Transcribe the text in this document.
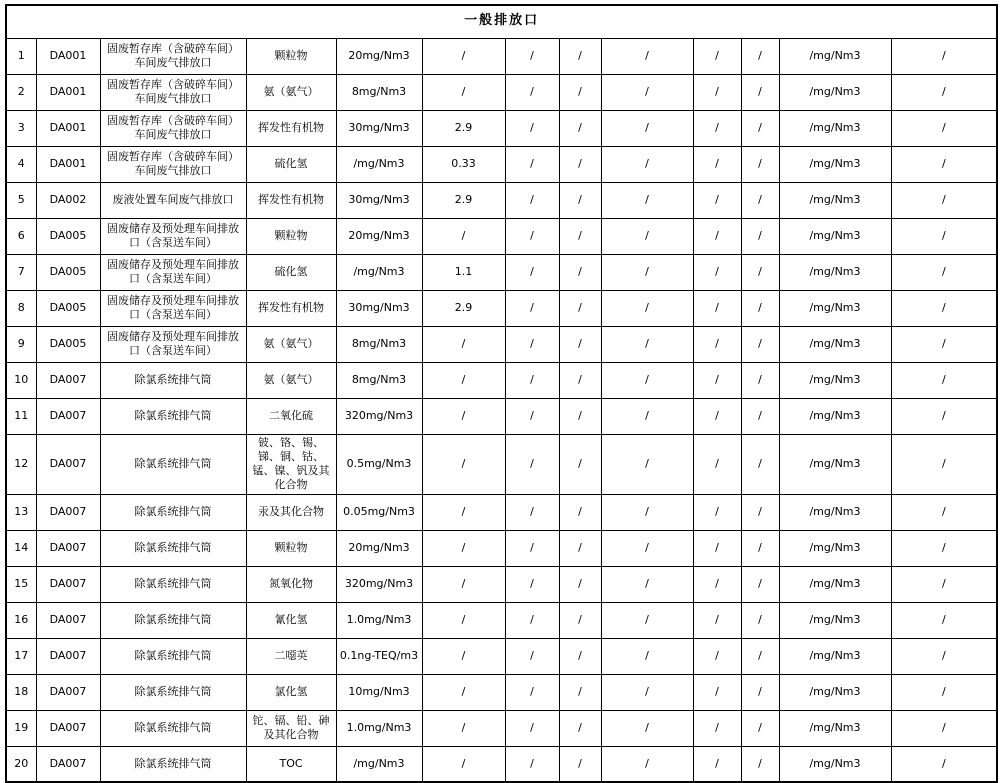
一般排放口												
1	DA001	固废暂存库（含破碎车间）车间废气排放口	颗粒物	20mg/Nm3	/	/	/	/	/	/	/mg/Nm3	/
2	DA001	固废暂存库（含破碎车间）车间废气排放口	氨（氨气）	8mg/Nm3	/	/	/	/	/	/	/mg/Nm3	/
3	DA001	固废暂存库（含破碎车间）车间废气排放口	挥发性有机物	30mg/Nm3	2.9	/	/	/	/	/	/mg/Nm3	/
4	DA001	固废暂存库（含破碎车间）车间废气排放口	硫化氢	/mg/Nm3	0.33	/	/	/	/	/	/mg/Nm3	/
5	DA002	废液处置车间废气排放口	挥发性有机物	30mg/Nm3	2.9	/	/	/	/	/	/mg/Nm3	/
6	DA005	固废储存及预处理车间排放口（含泵送车间）	颗粒物	20mg/Nm3	/	/	/	/	/	/	/mg/Nm3	/
7	DA005	固废储存及预处理车间排放口（含泵送车间）	硫化氢	/mg/Nm3	1.1	/	/	/	/	/	/mg/Nm3	/
8	DA005	固废储存及预处理车间排放口（含泵送车间）	挥发性有机物	30mg/Nm3	2.9	/	/	/	/	/	/mg/Nm3	/
9	DA005	固废储存及预处理车间排放口（含泵送车间）	氨（氨气）	8mg/Nm3	/	/	/	/	/	/	/mg/Nm3	/
10	DA007	除氯系统排气筒	氨（氨气）	8mg/Nm3	/	/	/	/	/	/	/mg/Nm3	/
11	DA007	除氯系统排气筒	二氧化硫	320mg/Nm3	/	/	/	/	/	/	/mg/Nm3	/
12	DA007	除氯系统排气筒	铍、铬、锡、锑、铜、钴、锰、镍、钒及其化合物	0.5mg/Nm3	/	/	/	/	/	/	/mg/Nm3	/
13	DA007	除氯系统排气筒	汞及其化合物	0.05mg/Nm3	/	/	/	/	/	/	/mg/Nm3	/
14	DA007	除氯系统排气筒	颗粒物	20mg/Nm3	/	/	/	/	/	/	/mg/Nm3	/
15	DA007	除氯系统排气筒	氮氧化物	320mg/Nm3	/	/	/	/	/	/	/mg/Nm3	/
16	DA007	除氯系统排气筒	氰化氢	1.0mg/Nm3	/	/	/	/	/	/	/mg/Nm3	/
17	DA007	除氯系统排气筒	二噁英	0.1ng-TEQ/m3	/	/	/	/	/	/	/mg/Nm3	/
18	DA007	除氯系统排气筒	氯化氢	10mg/Nm3	/	/	/	/	/	/	/mg/Nm3	/
19	DA007	除氯系统排气筒	铊、镉、铅、砷及其化合物	1.0mg/Nm3	/	/	/	/	/	/	/mg/Nm3	/
20	DA007	除氯系统排气筒	TOC	/mg/Nm3	/	/	/	/	/	/	/mg/Nm3	/
